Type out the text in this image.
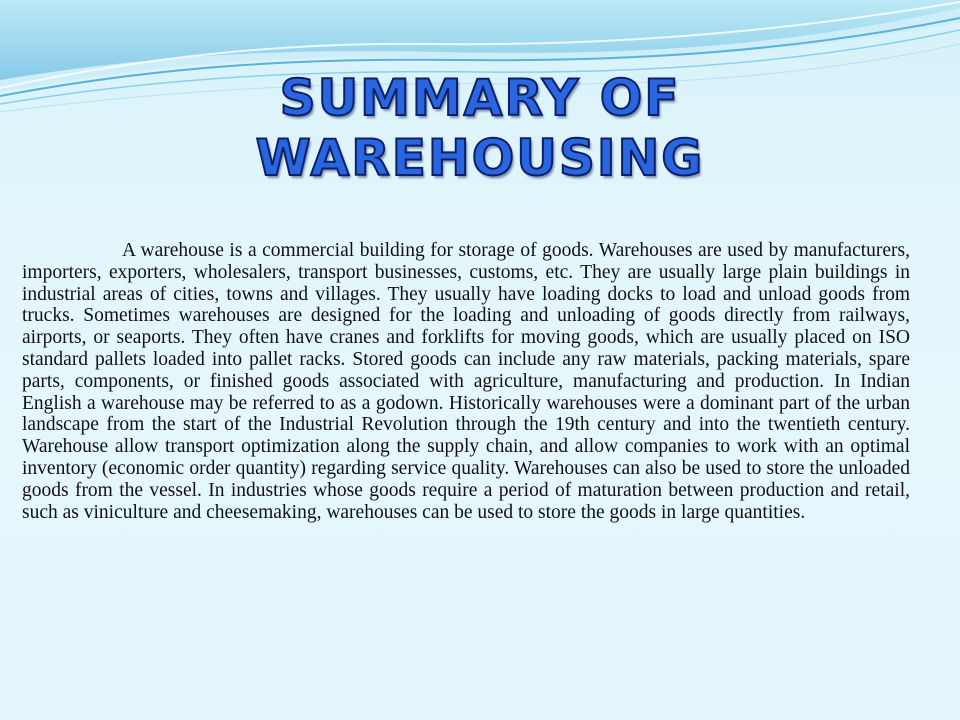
SUMMARY OF
WAREHOUSING

A warehouse is a commercial building for storage of goods. Warehouses are used by manufacturers, importers, exporters, wholesalers, transport businesses, customs, etc. They are usually large plain buildings in industrial areas of cities, towns and villages. They usually have loading docks to load and unload goods from trucks. Sometimes warehouses are designed for the loading and unloading of goods directly from railways, airports, or seaports. They often have cranes and forklifts for moving goods, which are usually placed on ISO standard pallets loaded into pallet racks. Stored goods can include any raw materials, packing materials, spare parts, components, or finished goods associated with agriculture, manufacturing and production. In Indian English a warehouse may be referred to as a godown. Historically warehouses were a dominant part of the urban landscape from the start of the Industrial Revolution through the 19th century and into the twentieth century. Warehouse allow transport optimization along the supply chain, and allow companies to work with an optimal inventory (economic order quantity) regarding service quality. Warehouses can also be used to store the unloaded goods from the vessel. In industries whose goods require a period of maturation between production and retail, such as viniculture and cheesemaking, warehouses can be used to store the goods in large quantities.
